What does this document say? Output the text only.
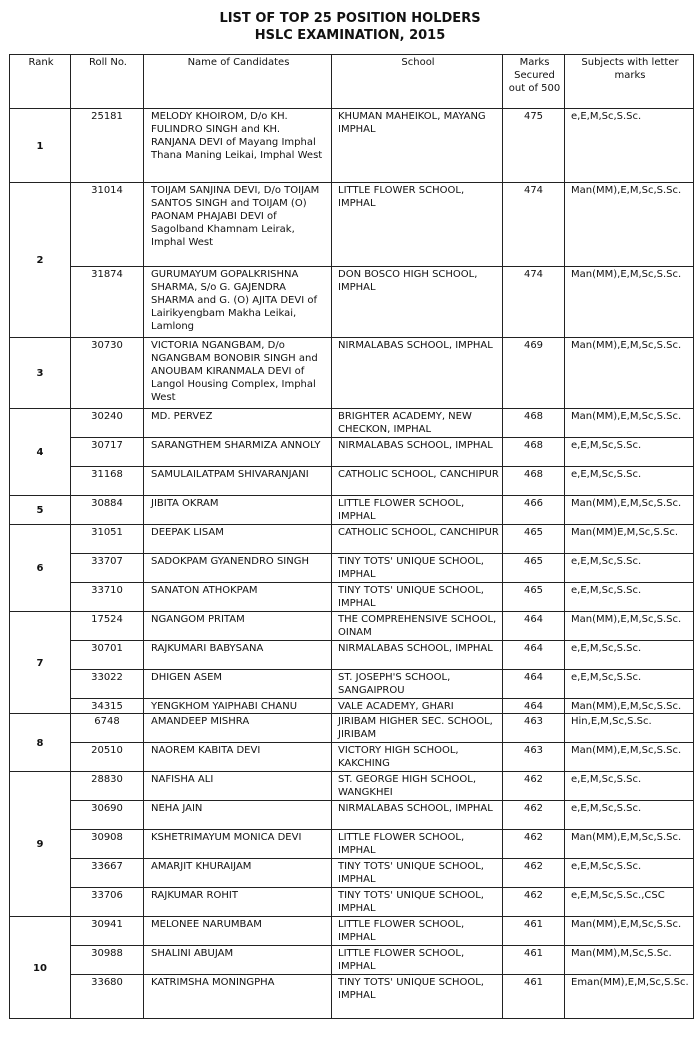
LIST OF TOP 25 POSITION HOLDERS
HSLC EXAMINATION, 2015
Rank	Roll No.	Name of Candidates	School	Marks Secured out of 500	Subjects with letter marks
1	25181	MELODY KHOIROM, D/o KH. FULINDRO SINGH and KH. RANJANA DEVI of Mayang Imphal Thana Maning Leikai, Imphal West	KHUMAN MAHEIKOL, MAYANG IMPHAL	475	e,E,M,Sc,S.Sc.
2	31014	TOIJAM SANJINA DEVI, D/o TOIJAM SANTOS SINGH and TOIJAM (O) PAONAM PHAJABI DEVI of Sagolband Khamnam Leirak, Imphal West	LITTLE FLOWER SCHOOL, IMPHAL	474	Man(MM),E,M,Sc,S.Sc.
	31874	GURUMAYUM GOPALKRISHNA SHARMA, S/o G. GAJENDRA SHARMA and G. (O) AJITA DEVI of Lairikyengbam Makha Leikai, Lamlong	DON BOSCO HIGH SCHOOL, IMPHAL	474	Man(MM),E,M,Sc,S.Sc.
3	30730	VICTORIA NGANGBAM, D/o NGANGBAM BONOBIR SINGH and ANOUBAM KIRANMALA DEVI of Langol Housing Complex, Imphal West	NIRMALABAS SCHOOL, IMPHAL	469	Man(MM),E,M,Sc,S.Sc.
4	30240	MD. PERVEZ	BRIGHTER ACADEMY, NEW CHECKON, IMPHAL	468	Man(MM),E,M,Sc,S.Sc.
	30717	SARANGTHEM SHARMIZA ANNOLY	NIRMALABAS SCHOOL, IMPHAL	468	e,E,M,Sc,S.Sc.
	31168	SAMULAILATPAM SHIVARANJANI	CATHOLIC SCHOOL, CANCHIPUR	468	e,E,M,Sc,S.Sc.
5	30884	JIBITA OKRAM	LITTLE FLOWER SCHOOL, IMPHAL	466	Man(MM),E,M,Sc,S.Sc.
6	31051	DEEPAK LISAM	CATHOLIC SCHOOL, CANCHIPUR	465	Man(MM)E,M,Sc,S.Sc.
	33707	SADOKPAM GYANENDRO SINGH	TINY TOTS' UNIQUE SCHOOL, IMPHAL	465	e,E,M,Sc,S.Sc.
	33710	SANATON ATHOKPAM	TINY TOTS' UNIQUE SCHOOL, IMPHAL	465	e,E,M,Sc,S.Sc.
7	17524	NGANGOM PRITAM	THE COMPREHENSIVE SCHOOL, OINAM	464	Man(MM),E,M,Sc,S.Sc.
	30701	RAJKUMARI BABYSANA	NIRMALABAS SCHOOL, IMPHAL	464	e,E,M,Sc,S.Sc.
	33022	DHIGEN ASEM	ST. JOSEPH'S SCHOOL, SANGAIPROU	464	e,E,M,Sc,S.Sc.
	34315	YENGKHOM YAIPHABI CHANU	VALE ACADEMY, GHARI	464	Man(MM),E,M,Sc,S.Sc.
8	6748	AMANDEEP MISHRA	JIRIBAM HIGHER SEC. SCHOOL, JIRIBAM	463	Hin,E,M,Sc,S.Sc.
	20510	NAOREM KABITA DEVI	VICTORY HIGH SCHOOL, KAKCHING	463	Man(MM),E,M,Sc,S.Sc.
9	28830	NAFISHA ALI	ST. GEORGE HIGH SCHOOL, WANGKHEI	462	e,E,M,Sc,S.Sc.
	30690	NEHA JAIN	NIRMALABAS SCHOOL, IMPHAL	462	e,E,M,Sc,S.Sc.
	30908	KSHETRIMAYUM MONICA DEVI	LITTLE FLOWER SCHOOL, IMPHAL	462	Man(MM),E,M,Sc,S.Sc.
	33667	AMARJIT KHURAIJAM	TINY TOTS' UNIQUE SCHOOL, IMPHAL	462	e,E,M,Sc,S.Sc.
	33706	RAJKUMAR ROHIT	TINY TOTS' UNIQUE SCHOOL, IMPHAL	462	e,E,M,Sc,S.Sc.,CSC
10	30941	MELONEE NARUMBAM	LITTLE FLOWER SCHOOL, IMPHAL	461	Man(MM),E,M,Sc,S.Sc.
	30988	SHALINI ABUJAM	LITTLE FLOWER SCHOOL, IMPHAL	461	Man(MM),M,Sc,S.Sc.
	33680	KATRIMSHA MONINGPHA	TINY TOTS' UNIQUE SCHOOL, IMPHAL	461	Eman(MM),E,M,Sc,S.Sc.
